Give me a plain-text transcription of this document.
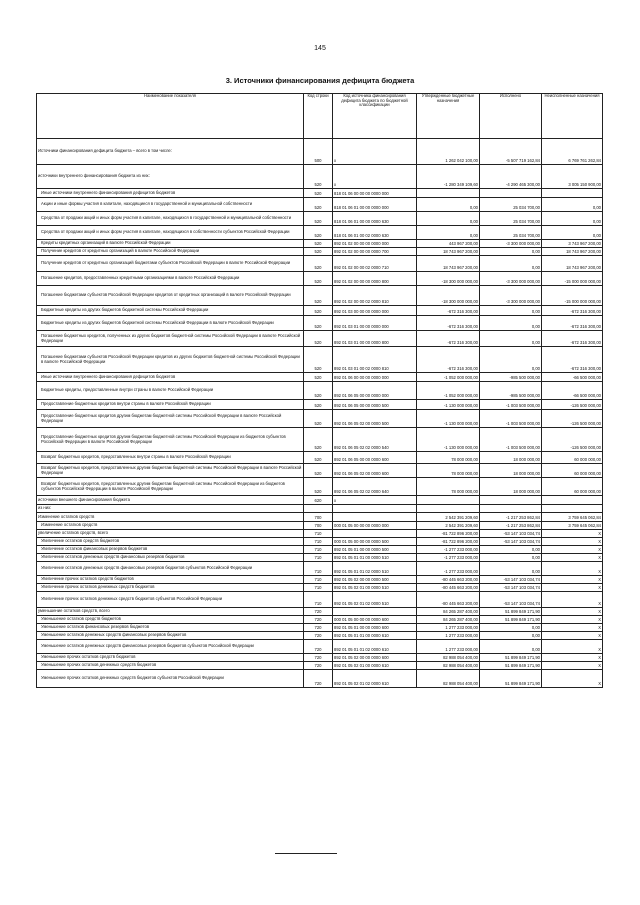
145
3. Источники финансирования дефицита бюджета
Наименование показателя	Код строки	Код источника финансирования дефицита бюджета по бюджетной классификации	Утвержденные бюджетные назначения	Исполнено	Неисполненные назначения
Источники финансирования дефицита бюджета – всего в том числе:	500	x	1 262 042 100,00	-5 507 719 162,84	6 769 761 262,84
источники внутреннего финансирования бюджета из них:	520	x	-1 280 349 109,60	-4 290 465 300,00	3 005 150 900,00
Иные источники внутреннего финансирования дефицитов бюджетов	520	818 01 06 00 00 00 0000 000			
Акции и иные формы участия в капитале, находящиеся в государственной и муниципальной собственности	520	818 01 06 01 00 00 0000 000	0,00	25 034 700,00	0,00
Средства от продажи акций и иных форм участия в капитале, находящихся в государственной и муниципальной собственности	520	818 01 06 01 00 00 0000 630	0,00	25 034 700,00	0,00
Средства от продажи акций и иных форм участия в капитале, находящихся в собственности субъектов Российской Федерации	520	818 01 06 01 00 02 0000 630	0,00	25 034 700,00	0,00
Кредиты кредитных организаций в валюте Российской Федерации	520	892 01 02 00 00 00 0000 000	443 967 200,00	-3 300 000 000,00	3 743 967 200,00
Получение кредитов от кредитных организаций в валюте Российской Федерации	520	892 01 02 00 00 00 0000 700	18 743 967 200,00	0,00	18 743 967 200,00
Получение кредитов от кредитных организаций бюджетами субъектов Российской Федерации в валюте Российской Федерации	520	892 01 02 00 00 02 0000 710	18 743 967 200,00	0,00	18 743 967 200,00
Погашение кредитов, предоставленных кредитными организациями в валюте Российской Федерации	520	892 01 02 00 00 00 0000 800	-18 300 000 000,00	-3 300 000 000,00	-15 000 000 000,00
Погашение бюджетами субъектов Российской Федерации кредитов от кредитных организаций в валюте Российской Федерации	520	892 01 02 00 00 02 0000 810	-18 300 000 000,00	-3 300 000 000,00	-15 000 000 000,00
Бюджетные кредиты из других бюджетов бюджетной системы Российской Федерации	520	892 01 03 00 00 00 0000 000	-672 316 300,00	0,00	-672 316 300,00
Бюджетные кредиты из других бюджетов бюджетной системы Российской Федерации в валюте Российской Федерации	520	892 01 03 01 00 00 0000 000	-672 316 300,00	0,00	-672 316 300,00
Погашение бюджетных кредитов, полученных из других бюджетов бюджетной системы Российской Федерации в валюте Российской Федерации	520	892 01 03 01 00 00 0000 800	-672 316 300,00	0,00	-672 316 300,00
Погашение бюджетами субъектов Российской Федерации кредитов из других бюджетов бюджетной системы Российской Федерации в валюте Российской Федерации	520	892 01 03 01 00 02 0000 810	-672 316 300,00	0,00	-672 316 300,00
Иные источники внутреннего финансирования дефицитов бюджетов	520	892 01 06 00 00 00 0000 000	-1 052 000 000,00	-985 500 000,00	-66 500 000,00
Бюджетные кредиты, предоставленные внутри страны в валюте Российской Федерации	520	892 01 06 05 00 00 0000 000	-1 052 000 000,00	-985 500 000,00	-66 500 000,00
Предоставление бюджетных кредитов внутри страны в валюте Российской Федерации	520	892 01 06 05 00 00 0000 500	-1 130 000 000,00	-1 003 500 000,00	-126 500 000,00
Предоставление бюджетных кредитов другим бюджетам бюджетной системы Российской Федерации в валюте Российской Федерации	520	892 01 06 05 02 00 0000 500	-1 130 000 000,00	-1 003 500 000,00	-126 500 000,00
Предоставление бюджетных кредитов другим бюджетам бюджетной системы Российской Федерации из бюджетов субъектов Российской Федерации в валюте Российской Федерации	520	892 01 06 05 02 02 0000 540	-1 130 000 000,00	-1 003 500 000,00	-126 500 000,00
Возврат бюджетных кредитов, предоставленных внутри страны в валюте Российской Федерации	520	892 01 06 05 00 00 0000 600	78 000 000,00	18 000 000,00	60 000 000,00
Возврат бюджетных кредитов, предоставленных другим бюджетам бюджетной системы Российской Федерации в валюте Российской Федерации	520	892 01 06 05 02 00 0000 600	78 000 000,00	18 000 000,00	60 000 000,00
Возврат бюджетных кредитов, предоставленных другим бюджетам бюджетной системы Российской Федерации из бюджетов субъектов Российской Федерации в валюте Российской Федерации	520	892 01 06 05 02 02 0000 640	78 000 000,00	18 000 000,00	60 000 000,00
источники внешнего финансирования бюджета	620	x			
из них:					
Изменение остатков средств	700		2 542 391 209,60	-1 217 253 862,84	3 759 645 062,84
Изменение остатков средств	700	000 01 05 00 00 00 0000 000	2 542 391 209,60	-1 217 253 862,84	3 759 645 062,84
увеличение остатков средств, всего	710		-81 722 896 200,00	-53 147 103 034,74	X
Увеличение остатков средств бюджетов	710	000 01 05 00 00 00 0000 500	-81 722 896 200,00	-53 147 103 034,74	X
Увеличение остатков финансовых резервов бюджетов	710	892 01 05 01 00 00 0000 500	-1 277 233 000,00	0,00	X
Увеличение остатков денежных средств финансовых резервов бюджетов	710	892 01 05 01 01 00 0000 510	-1 277 233 000,00	0,00	X
Увеличение остатков денежных средств финансовых резервов бюджетов субъектов Российской Федерации	710	892 01 05 01 01 02 0000 510	-1 277 233 000,00	0,00	X
Увеличение прочих остатков средств бюджетов	710	892 01 05 02 00 00 0000 500	-80 445 663 200,00	-53 147 103 034,74	X
Увеличение прочих остатков денежных средств бюджетов	710	892 01 05 02 01 00 0000 510	-80 445 663 200,00	-53 147 103 034,74	X
Увеличение прочих остатков денежных средств бюджетов субъектов Российской Федерации	710	892 01 05 02 01 02 0000 510	-80 445 663 200,00	-53 147 103 034,74	X
уменьшение остатков средств, всего	720		84 265 287 400,00	51 899 849 171,90	X
Уменьшение остатков средств бюджетов	720	000 01 05 00 00 00 0000 600	84 265 287 400,00	51 899 849 171,90	X
Уменьшение остатков финансовых резервов бюджетов	720	892 01 05 01 00 00 0000 600	1 277 233 000,00	0,00	X
Уменьшение остатков денежных средств финансовых резервов бюджетов	720	892 01 05 01 01 00 0000 610	1 277 233 000,00	0,00	X
Уменьшение остатков денежных средств финансовых резервов бюджетов субъектов Российской Федерации	720	892 01 05 01 01 02 0000 610	1 277 233 000,00	0,00	X
Уменьшение прочих остатков средств бюджетов	720	892 01 05 02 00 00 0000 600	82 988 054 400,00	51 899 849 171,90	X
Уменьшение прочих остатков денежных средств бюджетов	720	892 01 05 02 01 00 0000 610	82 988 054 400,00	51 899 849 171,90	X
Уменьшение прочих остатков денежных средств бюджетов субъектов Российской Федерации	720	892 01 05 02 01 02 0000 610	82 988 054 400,00	51 899 849 171,90	X
